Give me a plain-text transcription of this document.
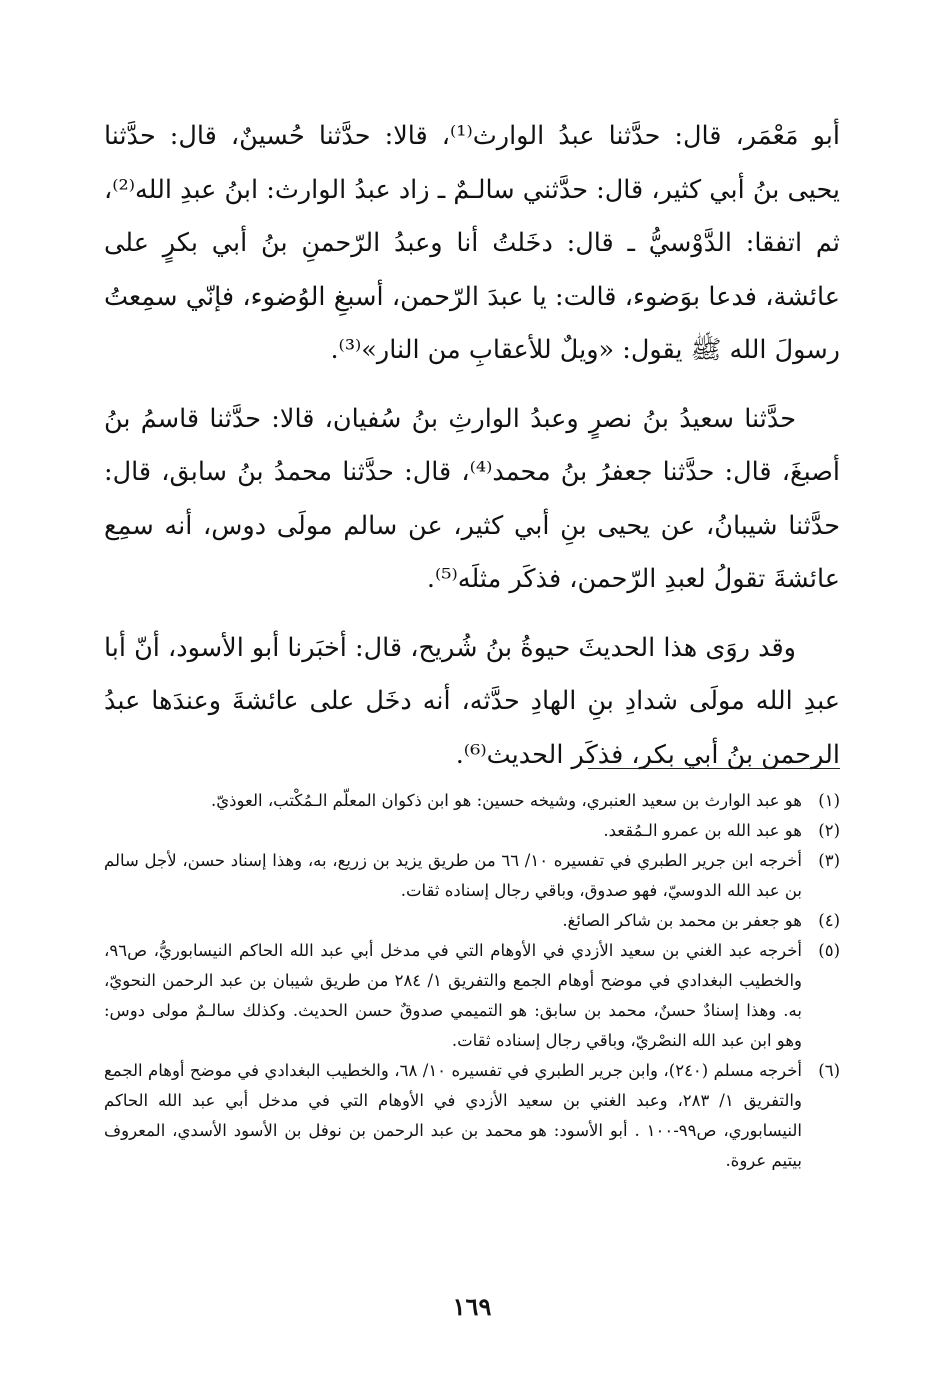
أبو مَعْمَر، قال: حدَّثنا عبدُ الوارث⁽¹⁾، قالا: حدَّثنا حُسينٌ، قال: حدَّثنا يحيى بنُ أبي كثير، قال: حدَّثني سالـمٌ ـ زاد عبدُ الوارث: ابنُ عبدِ الله⁽²⁾، ثم اتفقا: الدَّوْسيُّ ـ قال: دخَلتُ أنا وعبدُ الرّحمنِ بنُ أبي بكرٍ على عائشة، فدعا بوَضوء، قالت: يا عبدَ الرّحمن، أسبغِ الوُضوء، فإنّي سمِعتُ رسولَ الله ﷺ يقول: «ويلٌ للأعقابِ من النار»⁽³⁾.

حدَّثنا سعيدُ بنُ نصرٍ وعبدُ الوارثِ بنُ سُفيان، قالا: حدَّثنا قاسمُ بنُ أصبغَ، قال: حدَّثنا جعفرُ بنُ محمد⁽⁴⁾، قال: حدَّثنا محمدُ بنُ سابق، قال: حدَّثنا شيبانُ، عن يحيى بنِ أبي كثير، عن سالم مولَى دوس، أنه سمِع عائشةَ تقولُ لعبدِ الرّحمن، فذكَر مثلَه⁽⁵⁾.

وقد روَى هذا الحديثَ حيوةُ بنُ شُريح، قال: أخبَرنا أبو الأسود، أنّ أبا عبدِ الله مولَى شدادِ بنِ الهادِ حدَّثه، أنه دخَل على عائشةَ وعندَها عبدُ الرحمن بنُ أبي بكر، فذكَر الحديث⁽⁶⁾.

(١)
هو عبد الوارث بن سعيد العنبري، وشيخه حسين: هو ابن ذكوان المعلّم الـمُكْتب، العوذيّ.
(٢)
هو عبد الله بن عمرو الـمُقعد.
(٣)
أخرجه ابن جرير الطبري في تفسيره ١٠/ ٦٦ من طريق يزيد بن زريع، به، وهذا إسناد حسن، لأجل سالم بن عبد الله الدوسيّ، فهو صدوق، وباقي رجال إسناده ثقات.
(٤)
هو جعفر بن محمد بن شاكر الصائغ.
(٥)
أخرجه عبد الغني بن سعيد الأزدي في الأوهام التي في مدخل أبي عبد الله الحاكم النيسابوريُّ، ص٩٦، والخطيب البغدادي في موضح أوهام الجمع والتفريق ١/ ٢٨٤ من طريق شيبان بن عبد الرحمن النحويّ، به. وهذا إسنادٌ حسنٌ، محمد بن سابق: هو التميمي صدوقٌ حسن الحديث. وكذلك سالـمٌ مولى دوس: وهو ابن عبد الله النصْريّ، وباقي رجال إسناده ثقات.
(٦)
أخرجه مسلم (٢٤٠)، وابن جرير الطبري في تفسيره ١٠/ ٦٨، والخطيب البغدادي في موضح أوهام الجمع والتفريق ١/ ٢٨٣، وعبد الغني بن سعيد الأزدي في الأوهام التي في مدخل أبي عبد الله الحاكم النيسابوري، ص٩٩-١٠٠ . أبو الأسود: هو محمد بن عبد الرحمن بن نوفل بن الأسود الأسدي، المعروف بيتيم عروة.
١٦٩
